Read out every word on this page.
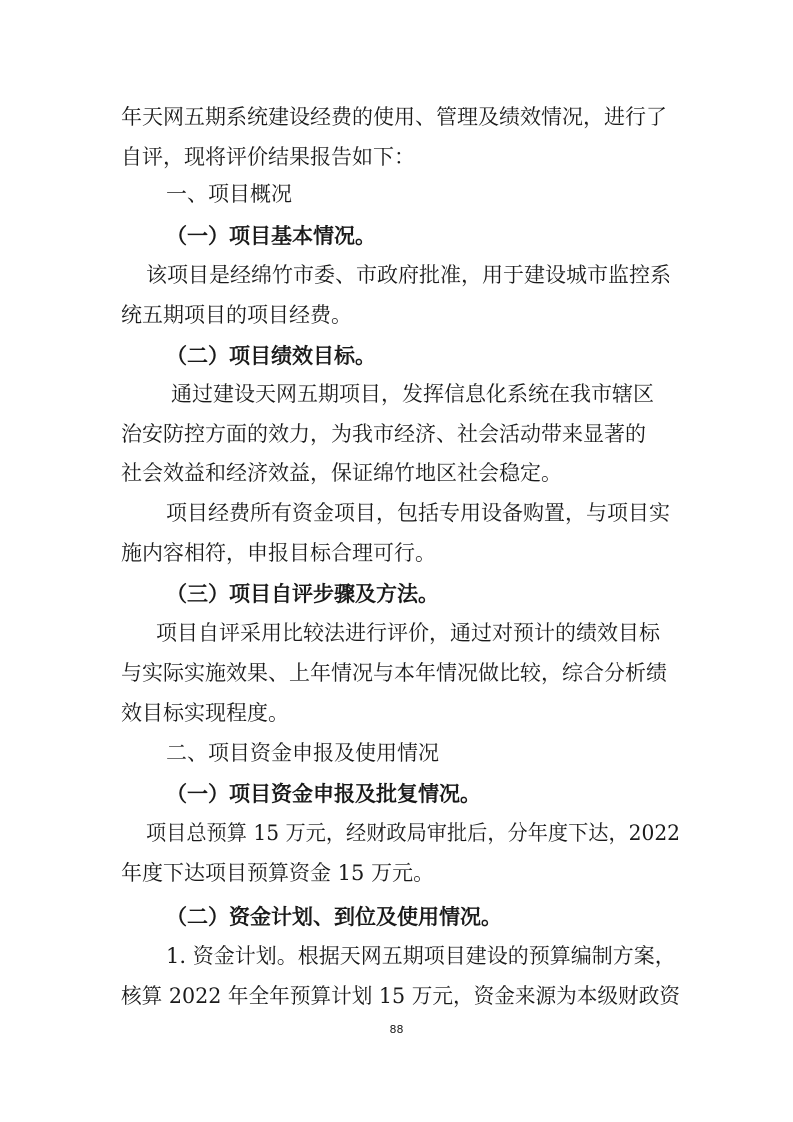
年天网五期系统建设经费的使用、管理及绩效情况，进行了
自评，现将评价结果报告如下：
一、项目概况
（一）项目基本情况。
该项目是经绵竹市委、市政府批准，用于建设城市监控系
统五期项目的项目经费。
（二）项目绩效目标。
通过建设天网五期项目，发挥信息化系统在我市辖区
治安防控方面的效力，为我市经济、社会活动带来显著的
社会效益和经济效益，保证绵竹地区社会稳定。
项目经费所有资金项目，包括专用设备购置，与项目实
施内容相符，申报目标合理可行。
（三）项目自评步骤及方法。
项目自评采用比较法进行评价，通过对预计的绩效目标
与实际实施效果、上年情况与本年情况做比较，综合分析绩
效目标实现程度。
二、项目资金申报及使用情况
（一）项目资金申报及批复情况。
项目总预算 15 万元，经财政局审批后，分年度下达，2022
年度下达项目预算资金 15 万元。
（二）资金计划、到位及使用情况。
1. 资金计划。根据天网五期项目建设的预算编制方案，
核算 2022 年全年预算计划 15 万元，资金来源为本级财政资
88
